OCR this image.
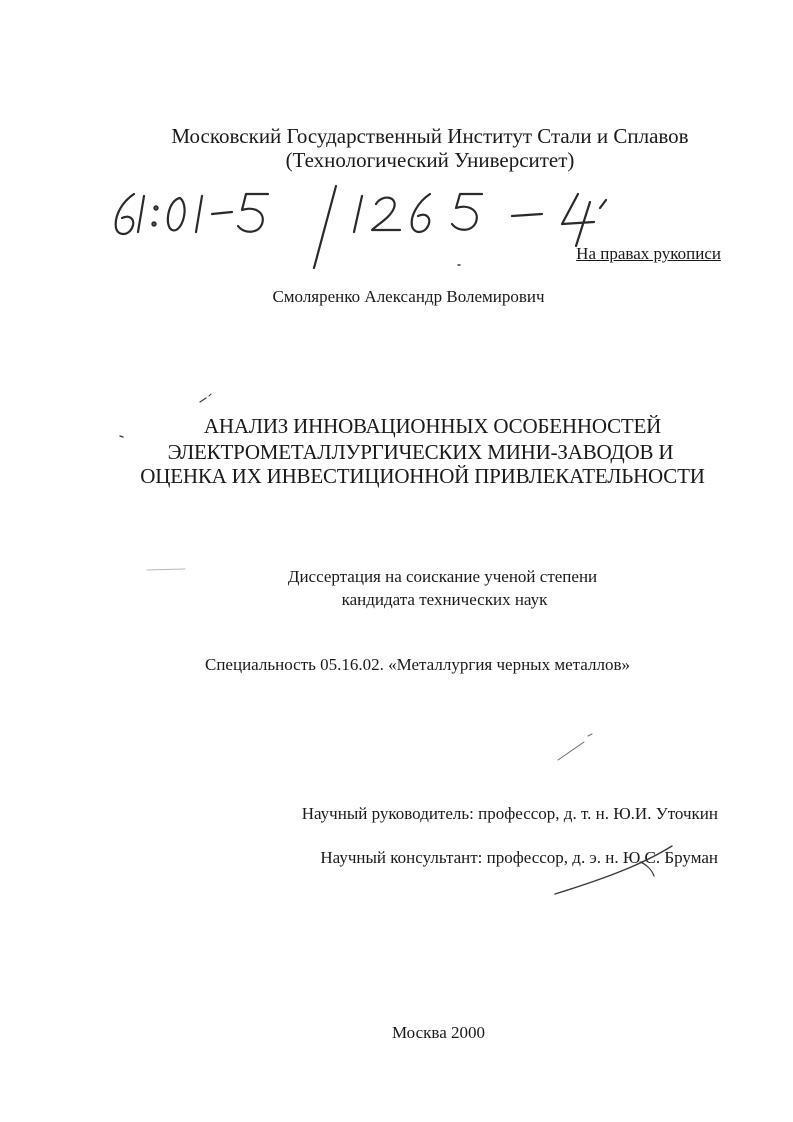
Московский Государственный Институт Стали и Сплавов
(Технологический Университет)
На правах рукописи
Смоляренко Александр Волемирович
АНАЛИЗ ИННОВАЦИОННЫХ ОСОБЕННОСТЕЙ
ЭЛЕКТРОМЕТАЛЛУРГИЧЕСКИХ МИНИ-ЗАВОДОВ И
ОЦЕНКА ИХ ИНВЕСТИЦИОННОЙ ПРИВЛЕКАТЕЛЬНОСТИ
Диссертация на соискание ученой степени
кандидата технических наук
Специальность 05.16.02. «Металлургия черных металлов»
Научный руководитель: профессор, д. т. н. Ю.И. Уточкин
Научный консультант: профессор, д. э. н. Ю.С. Бруман
Москва 2000
